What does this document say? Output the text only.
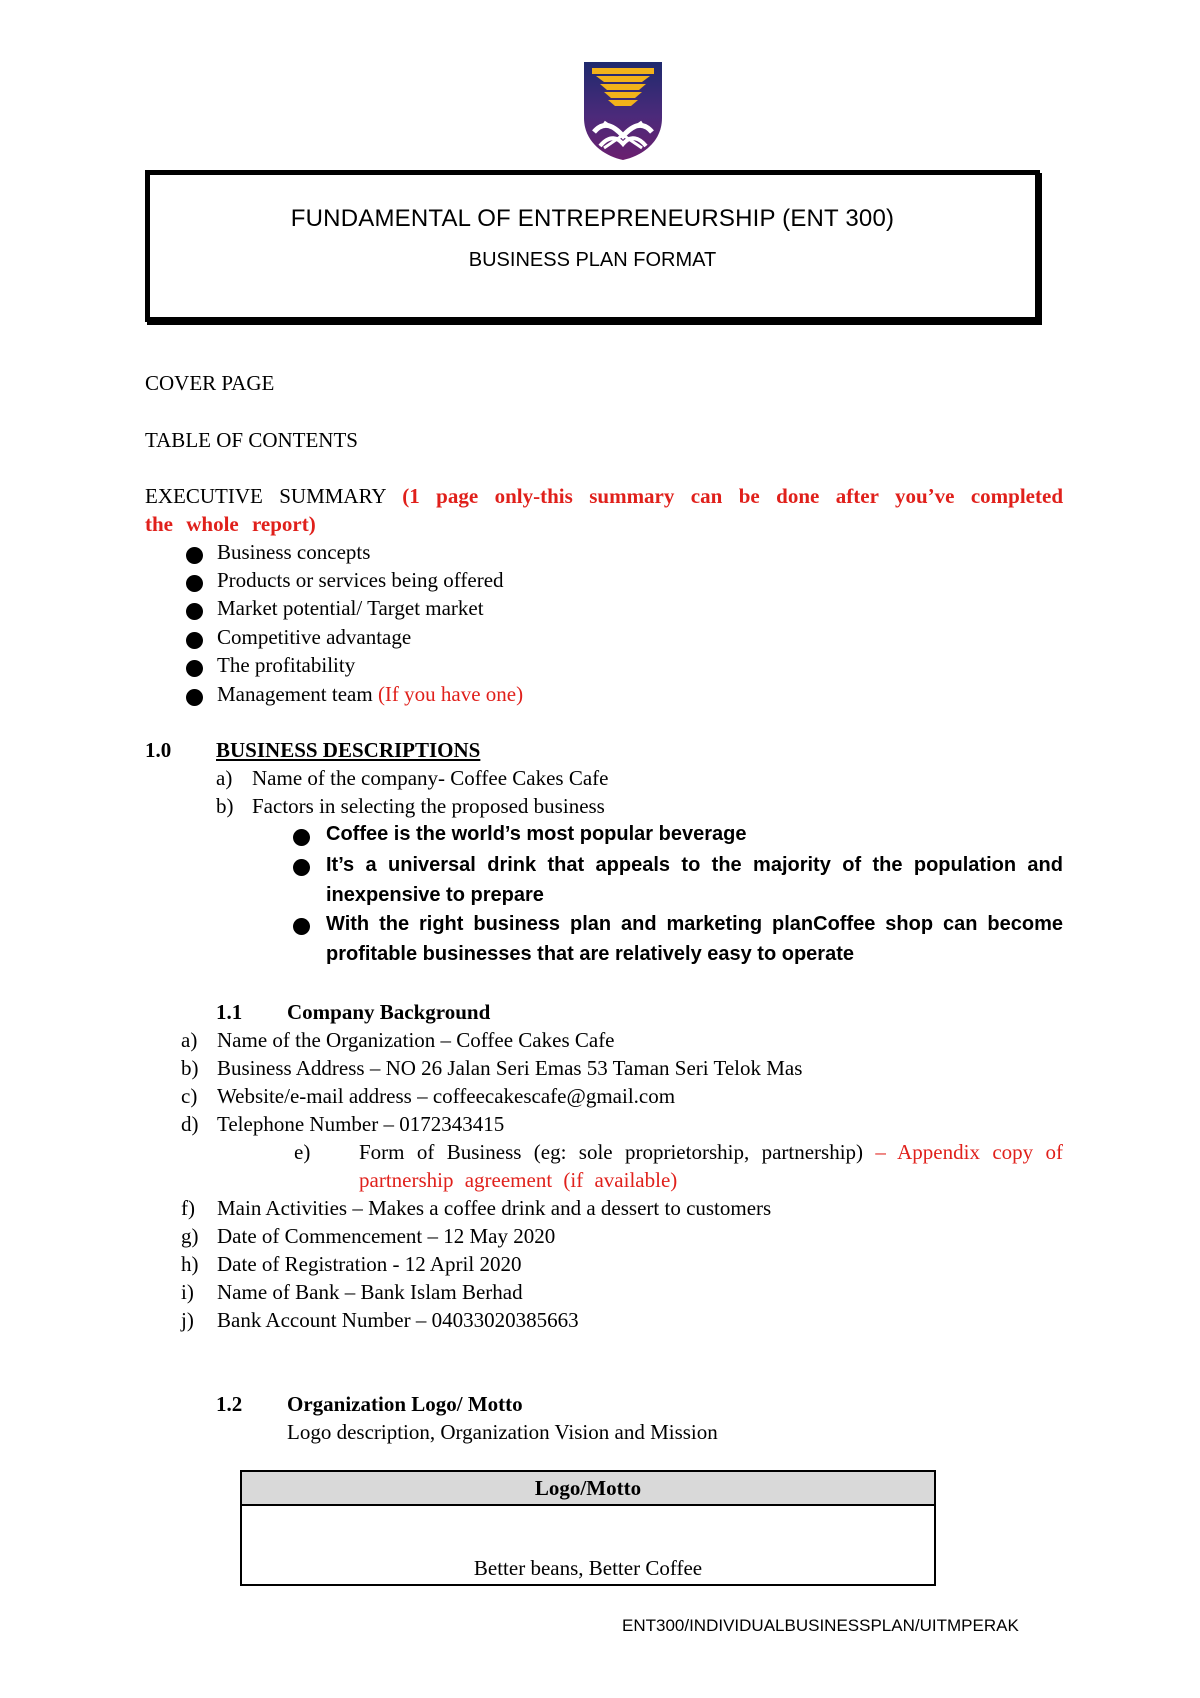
FUNDAMENTAL OF ENTREPRENEURSHIP (ENT 300)
BUSINESS PLAN FORMAT
COVER PAGE
TABLE OF CONTENTS
EXECUTIVE SUMMARY (1 page only-this summary can be done after you’ve completed the whole report)
Business concepts
Products or services being offered
Market potential/ Target market
Competitive advantage
The profitability
Management team (If you have one)
1.0 BUSINESS DESCRIPTIONS
a) Name of the company- Coffee Cakes Cafe
b) Factors in selecting the proposed business
Coffee is the world’s most popular beverage
It’s a universal drink that appeals to the majority of the population and inexpensive to prepare
With the right business plan and marketing planCoffee shop can become profitable businesses that are relatively easy to operate
1.1 Company Background
a) Name of the Organization – Coffee Cakes Cafe
b) Business Address – NO 26 Jalan Seri Emas 53 Taman Seri Telok Mas
c) Website/e-mail address – coffeecakescafe@gmail.com
d) Telephone Number – 0172343415
e) Form of Business (eg: sole proprietorship, partnership) – Appendix copy of partnership agreement (if available)
f) Main Activities – Makes a coffee drink and a dessert to customers
g) Date of Commencement – 12 May 2020
h) Date of Registration - 12 April 2020
i) Name of Bank – Bank Islam Berhad
j) Bank Account Number – 04033020385663
1.2 Organization Logo/ Motto
Logo description, Organization Vision and Mission
Logo/Motto
Better beans, Better Coffee
ENT300/INDIVIDUALBUSINESSPLAN/UITMPERAK
